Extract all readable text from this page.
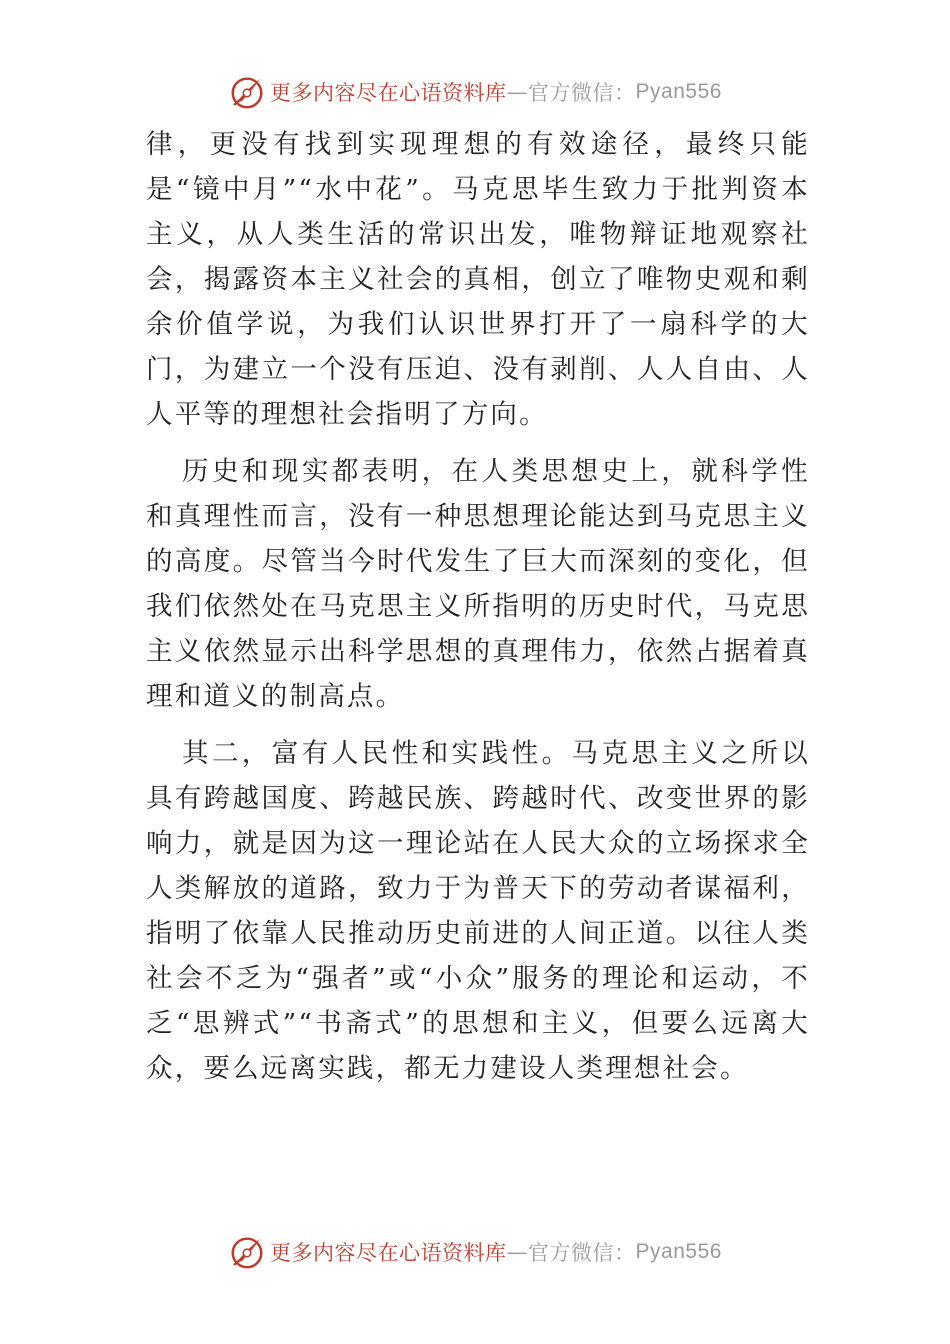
更多内容尽在心语资料库 — 官方微信： Pyan556

律，更没有找到实现理想的有效途径，最终只能是“镜中月”“水中花”。马克思毕生致力于批判资本主义，从人类生活的常识出发，唯物辩证地观察社会，揭露资本主义社会的真相，创立了唯物史观和剩余价值学说，为我们认识世界打开了一扇科学的大门，为建立一个没有压迫、没有剥削、人人自由、人人平等的理想社会指明了方向。

历史和现实都表明，在人类思想史上，就科学性和真理性而言，没有一种思想理论能达到马克思主义的高度。尽管当今时代发生了巨大而深刻的变化，但我们依然处在马克思主义所指明的历史时代，马克思主义依然显示出科学思想的真理伟力，依然占据着真理和道义的制高点。

其二，富有人民性和实践性。马克思主义之所以具有跨越国度、跨越民族、跨越时代、改变世界的影响力，就是因为这一理论站在人民大众的立场探求全人类解放的道路，致力于为普天下的劳动者谋福利，指明了依靠人民推动历史前进的人间正道。以往人类社会不乏为“强者”或“小众”服务的理论和运动，不乏“思辨式”“书斋式”的思想和主义，但要么远离大众，要么远离实践，都无力建设人类理想社会。

更多内容尽在心语资料库 — 官方微信： Pyan556
